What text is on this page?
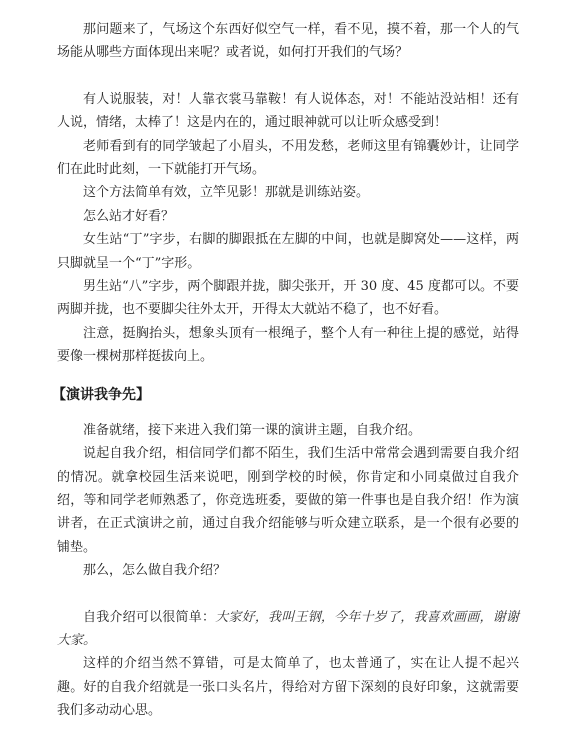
那问题来了，气场这个东西好似空气一样，看不见，摸不着，那一个人的气场能从哪些方面体现出来呢？或者说，如何打开我们的气场？

有人说服装，对！人靠衣裳马靠鞍！有人说体态，对！不能站没站相！还有人说，情绪，太棒了！这是内在的，通过眼神就可以让听众感受到！

老师看到有的同学皱起了小眉头，不用发愁，老师这里有锦囊妙计，让同学们在此时此刻，一下就能打开气场。

这个方法简单有效，立竿见影！那就是训练站姿。

怎么站才好看？

女生站“丁”字步，右脚的脚跟抵在左脚的中间，也就是脚窝处——这样，两只脚就呈一个“丁”字形。

男生站“八”字步，两个脚跟并拢，脚尖张开，开 30 度、45 度都可以。不要两脚并拢，也不要脚尖往外太开，开得太大就站不稳了，也不好看。

注意，挺胸抬头，想象头顶有一根绳子，整个人有一种往上提的感觉，站得要像一棵树那样挺拔向上。

【演讲我争先】

准备就绪，接下来进入我们第一课的演讲主题，自我介绍。

说起自我介绍，相信同学们都不陌生，我们生活中常常会遇到需要自我介绍的情况。就拿校园生活来说吧，刚到学校的时候，你肯定和小同桌做过自我介绍，等和同学老师熟悉了，你竞选班委，要做的第一件事也是自我介绍！作为演讲者，在正式演讲之前，通过自我介绍能够与听众建立联系，是一个很有必要的铺垫。

那么，怎么做自我介绍？

自我介绍可以很简单：大家好，我叫王钢，今年十岁了，我喜欢画画，谢谢大家。

这样的介绍当然不算错，可是太简单了，也太普通了，实在让人提不起兴趣。好的自我介绍就是一张口头名片，得给对方留下深刻的良好印象，这就需要我们多动动心思。
